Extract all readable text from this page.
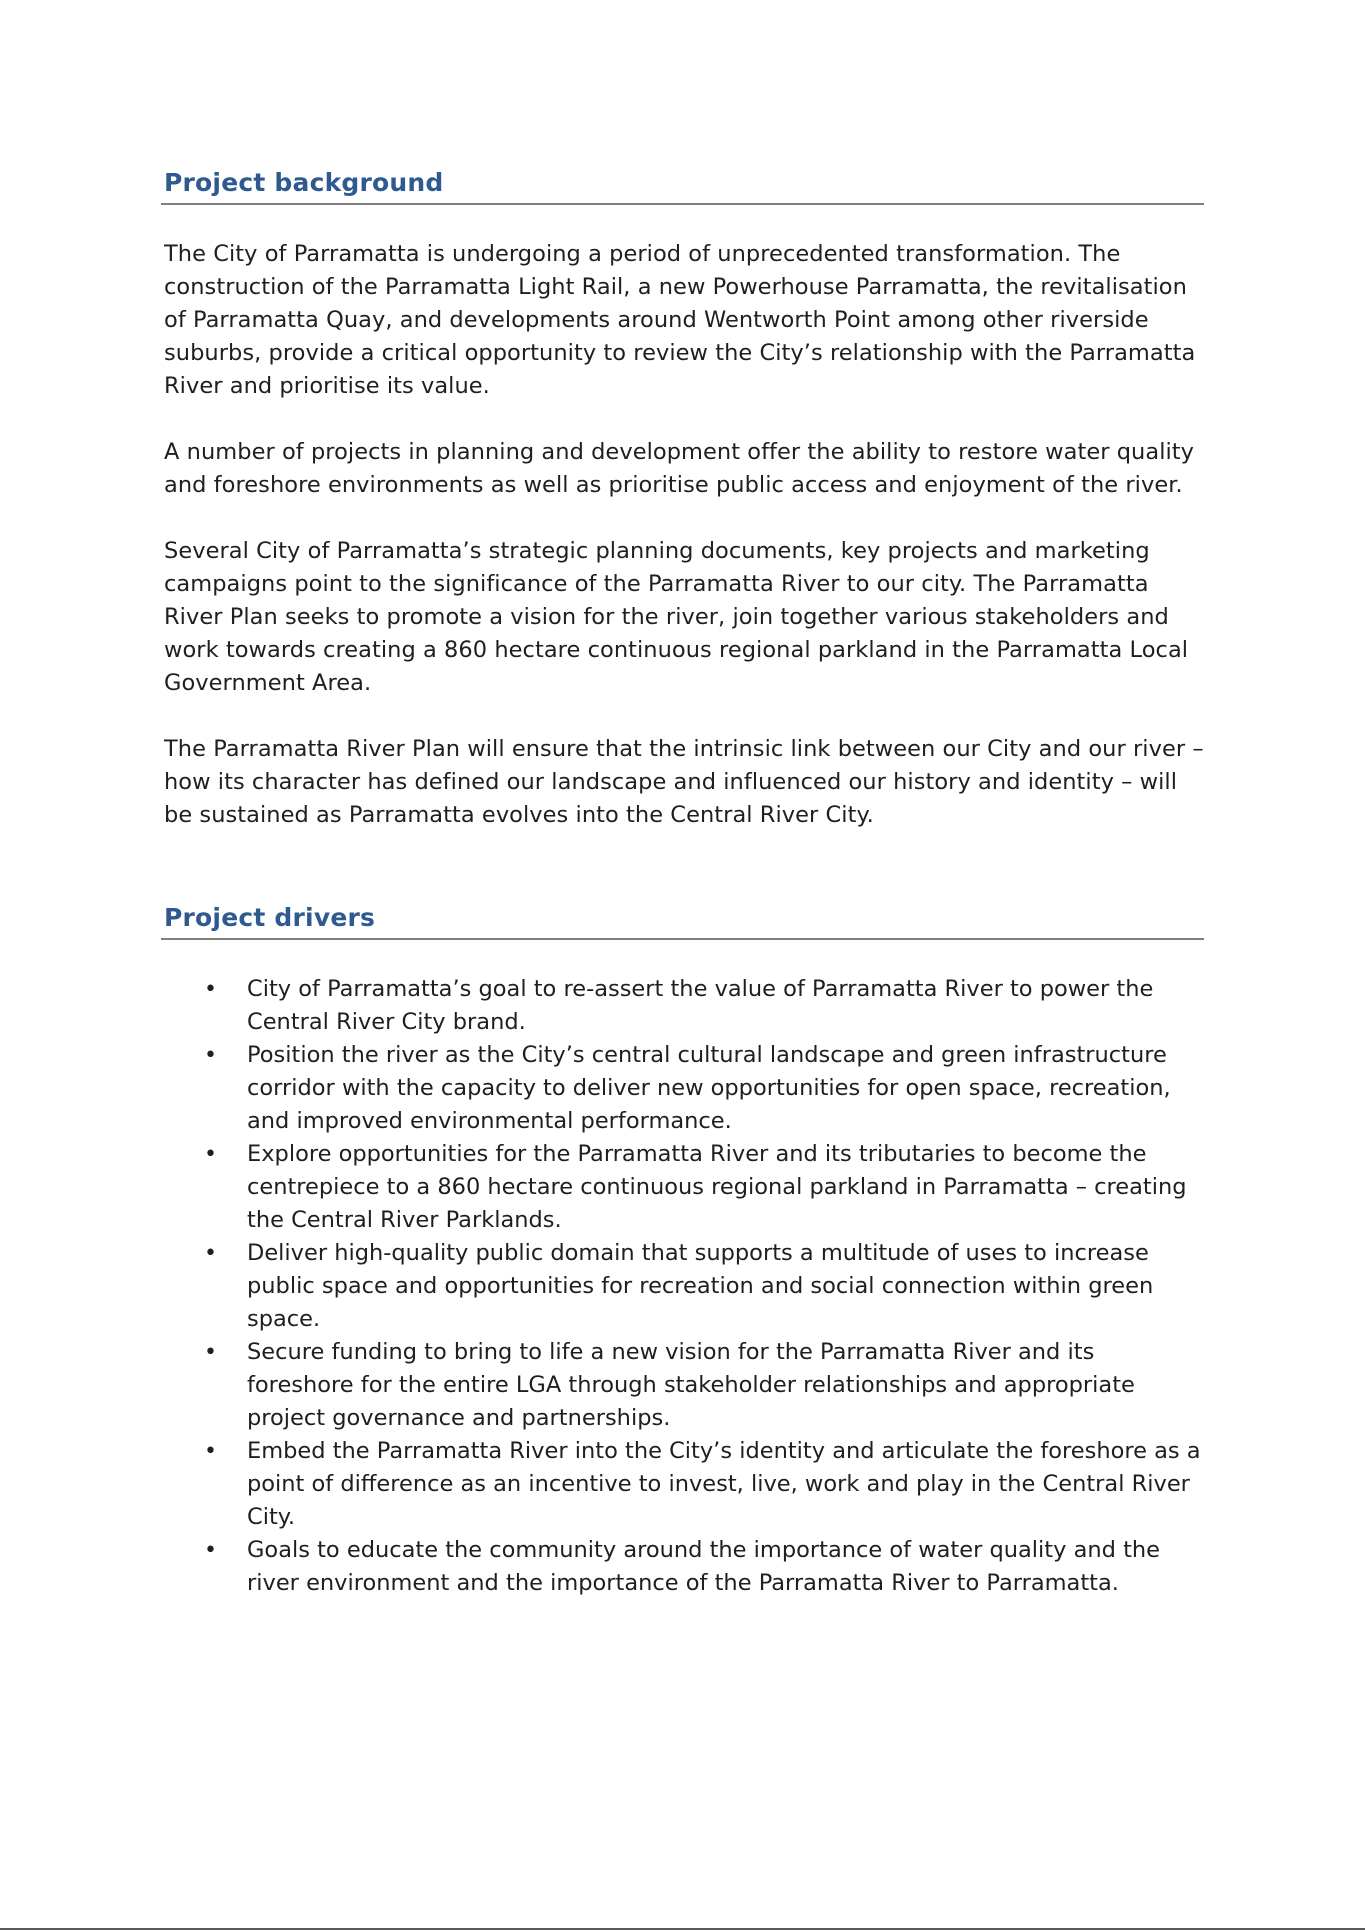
Project background

The City of Parramatta is undergoing a period of unprecedented transformation. The construction of the Parramatta Light Rail, a new Powerhouse Parramatta, the revitalisation of Parramatta Quay, and developments around Wentworth Point among other riverside suburbs, provide a critical opportunity to review the City’s relationship with the Parramatta River and prioritise its value.

A number of projects in planning and development offer the ability to restore water quality and foreshore environments as well as prioritise public access and enjoyment of the river.

Several City of Parramatta’s strategic planning documents, key projects and marketing campaigns point to the significance of the Parramatta River to our city. The Parramatta River Plan seeks to promote a vision for the river, join together various stakeholders and work towards creating a 860 hectare continuous regional parkland in the Parramatta Local Government Area.

The Parramatta River Plan will ensure that the intrinsic link between our City and our river – how its character has defined our landscape and influenced our history and identity – will be sustained as Parramatta evolves into the Central River City.

Project drivers
• City of Parramatta’s goal to re-assert the value of Parramatta River to power the Central River City brand.
• Position the river as the City’s central cultural landscape and green infrastructure corridor with the capacity to deliver new opportunities for open space, recreation, and improved environmental performance.
• Explore opportunities for the Parramatta River and its tributaries to become the centrepiece to a 860 hectare continuous regional parkland in Parramatta – creating the Central River Parklands.
• Deliver high-quality public domain that supports a multitude of uses to increase public space and opportunities for recreation and social connection within green space.
• Secure funding to bring to life a new vision for the Parramatta River and its foreshore for the entire LGA through stakeholder relationships and appropriate project governance and partnerships.
• Embed the Parramatta River into the City’s identity and articulate the foreshore as a point of difference as an incentive to invest, live, work and play in the Central River City.
• Goals to educate the community around the importance of water quality and the river environment and the importance of the Parramatta River to Parramatta.
